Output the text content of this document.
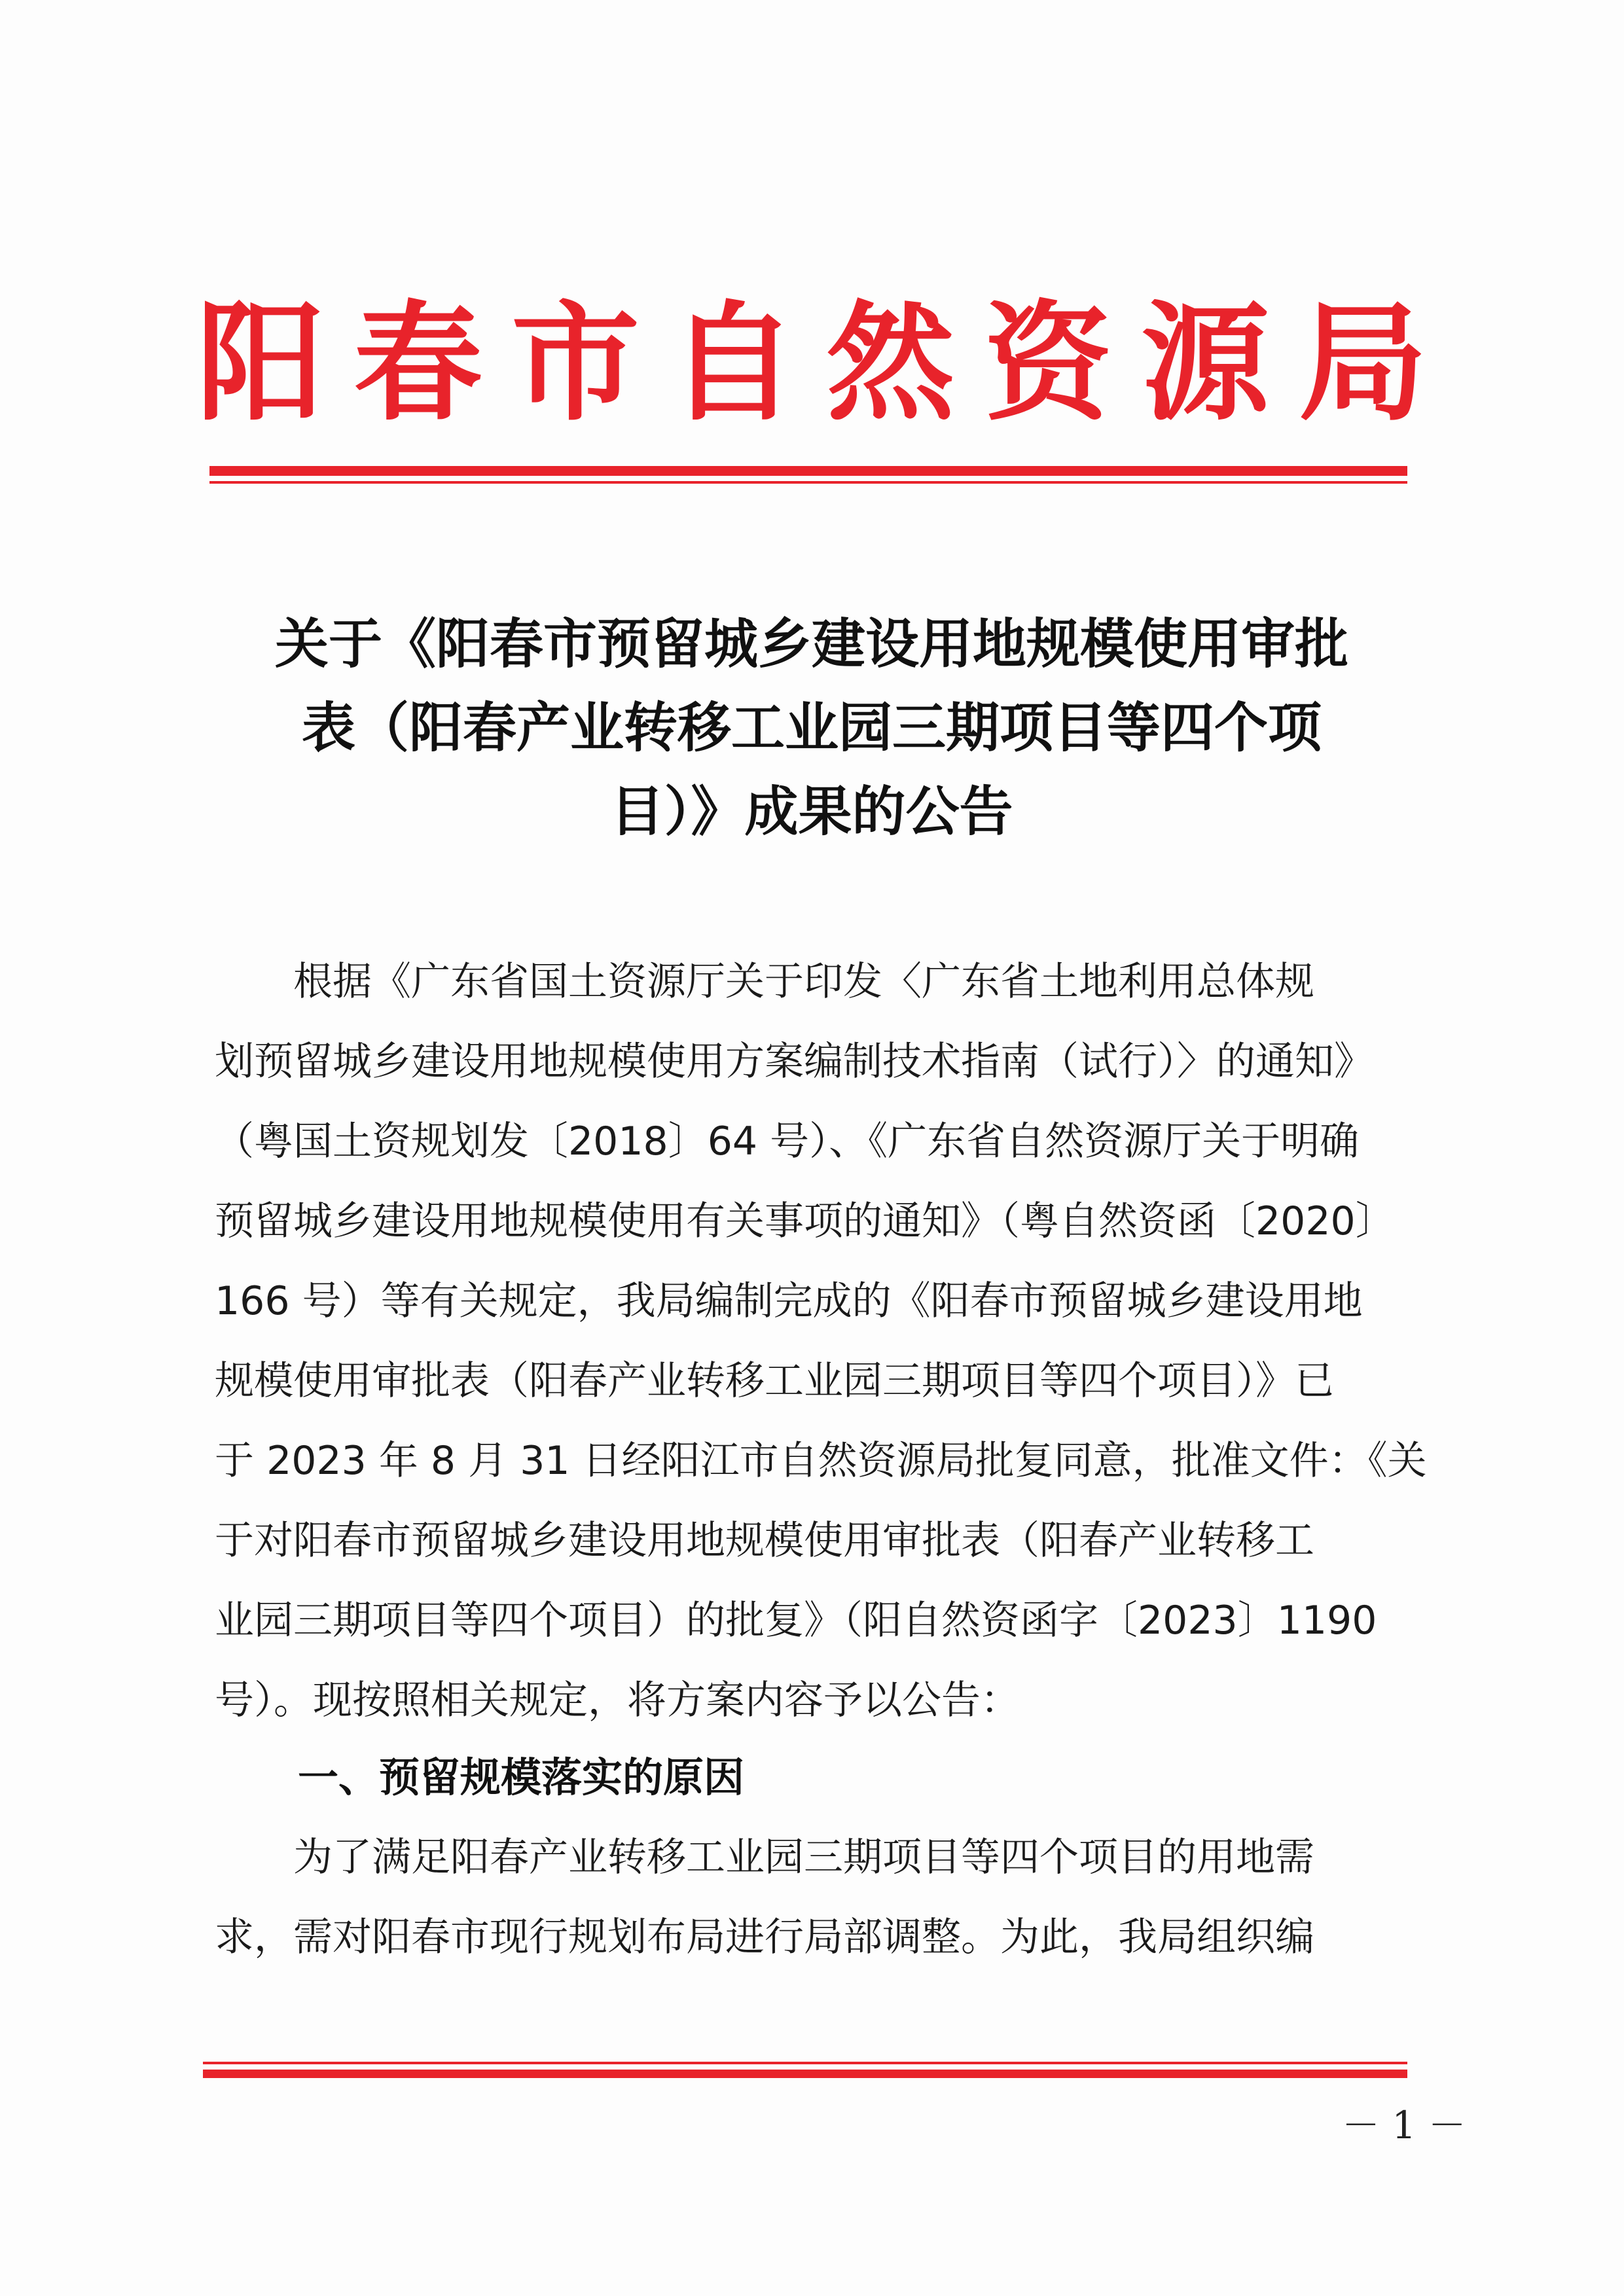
阳 春 市 自 然 资 源 局
关于《阳春市预留城乡建设用地规模使用审批
表（阳春产业转移工业园三期项目等四个项
目）》成果的公告
　　根据《广东省国土资源厅关于印发〈广东省土地利用总体规
划预留城乡建设用地规模使用方案编制技术指南（试行）〉的通知》
（粤国土资规划发〔2018〕64 号）、《广东省自然资源厅关于明确
预留城乡建设用地规模使用有关事项的通知》（粤自然资函〔2020〕
166 号）等有关规定，我局编制完成的《阳春市预留城乡建设用地
规模使用审批表（阳春产业转移工业园三期项目等四个项目）》已
于 2023 年 8 月 31 日经阳江市自然资源局批复同意，批准文件：《关
于对阳春市预留城乡建设用地规模使用审批表（阳春产业转移工
业园三期项目等四个项目）的批复》（阳自然资函字〔2023〕1190
号）。现按照相关规定，将方案内容予以公告：
一、预留规模落实的原因
　　为了满足阳春产业转移工业园三期项目等四个项目的用地需
求，需对阳春市现行规划布局进行局部调整。为此，我局组织编
－ 1 －
